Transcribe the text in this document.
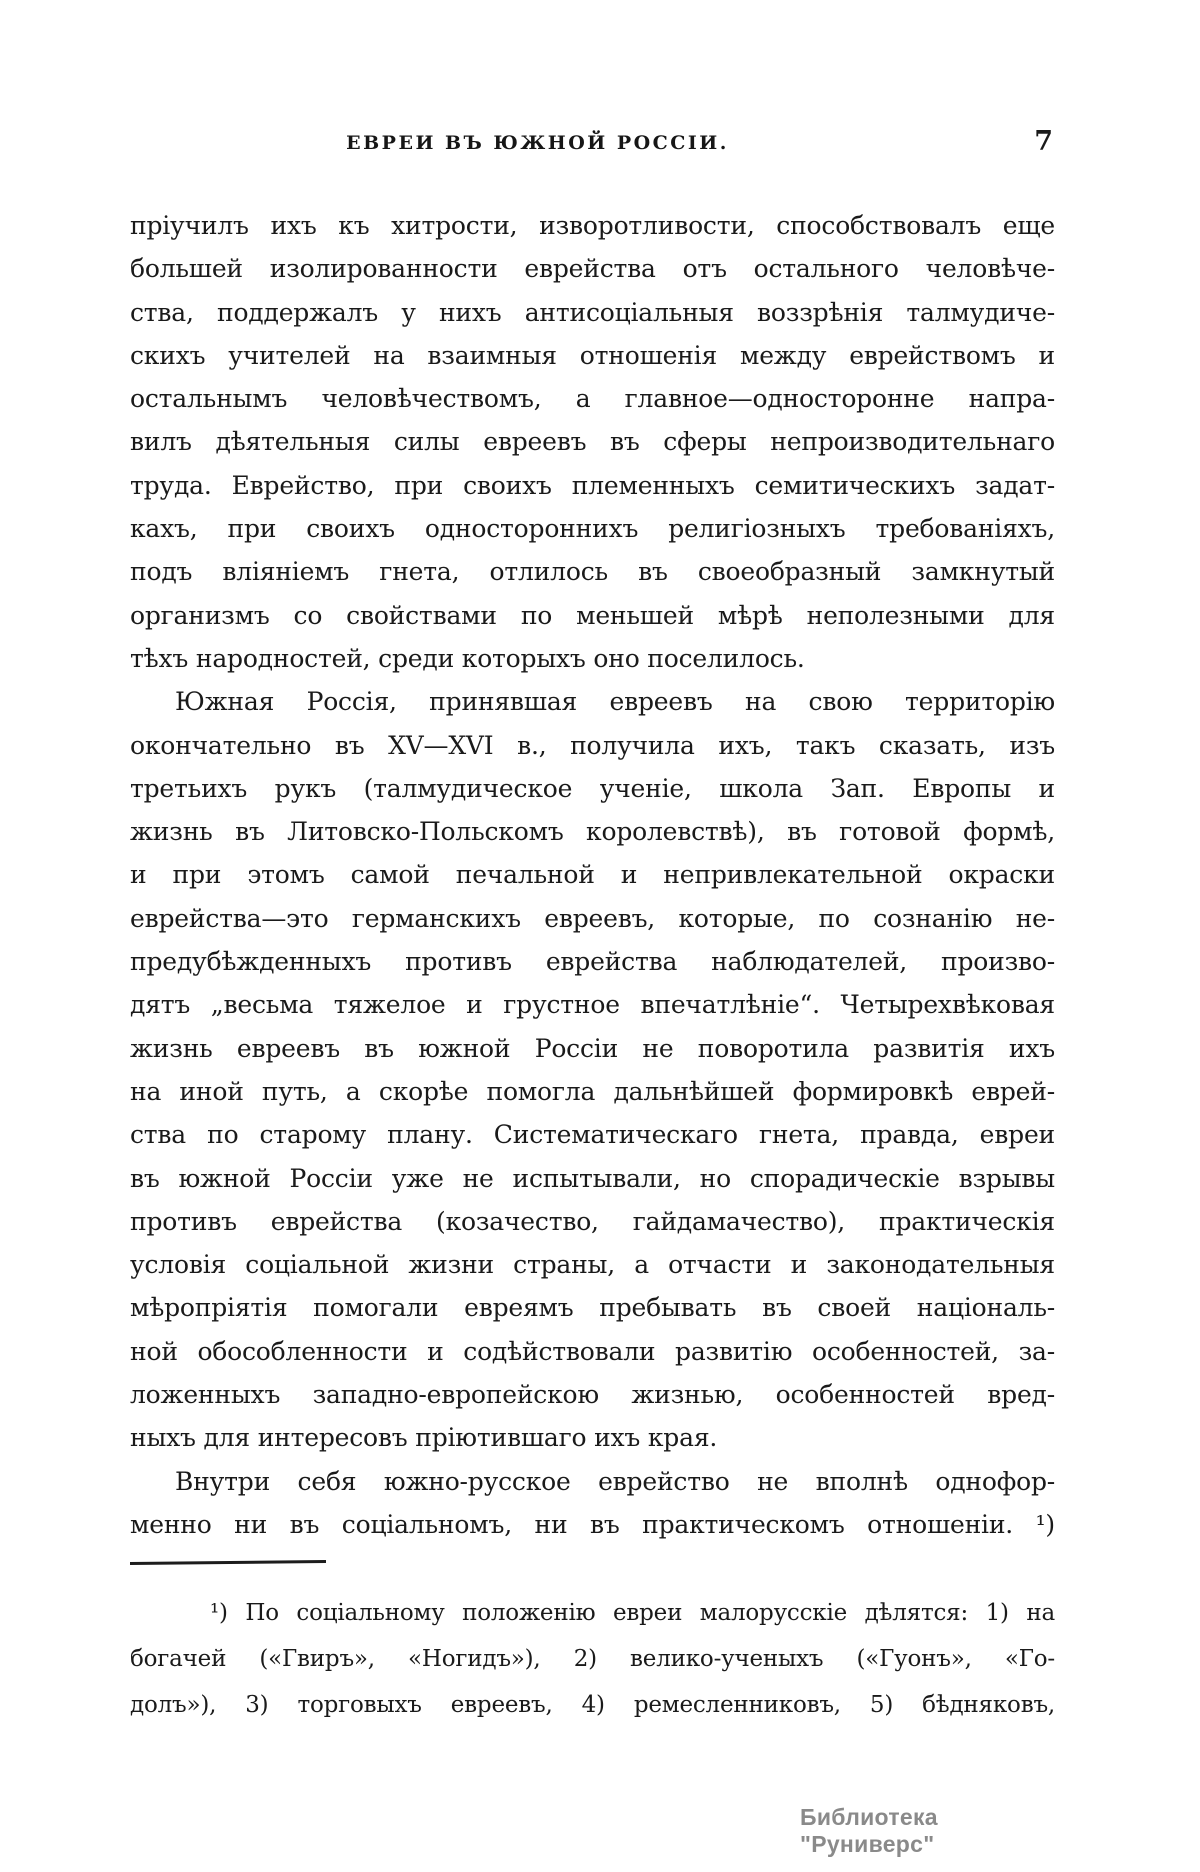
ЕВРЕИ ВЪ ЮЖНОЙ РОССІИ.	7
пріучилъ ихъ къ хитрости, изворотливости, способствовалъ еще
большей изолированности еврейства отъ остального человѣче-
ства, поддержалъ у нихъ антисоціальныя воззрѣнія талмудиче-
скихъ учителей на взаимныя отношенія между еврействомъ и
остальнымъ человѣчествомъ, а главное—односторонне напра-
вилъ дѣятельныя силы евреевъ въ сферы непроизводительнаго
труда. Еврейство, при своихъ племенныхъ семитическихъ задат-
кахъ, при своихъ одностороннихъ религіозныхъ требованіяхъ,
подъ вліяніемъ гнета, отлилось въ своеобразный замкнутый
организмъ со свойствами по меньшей мѣрѣ неполезными для
тѣхъ народностей, среди которыхъ оно поселилось.
Южная Россія, принявшая евреевъ на свою территорію
окончательно въ XV—XVI в., получила ихъ, такъ сказать, изъ
третьихъ рукъ (талмудическое ученіе, школа Зап. Европы и
жизнь въ Литовско-Польскомъ королевствѣ), въ готовой формѣ,
и при этомъ самой печальной и непривлекательной окраски
еврейства—это германскихъ евреевъ, которые, по сознанію не-
предубѣжденныхъ противъ еврейства наблюдателей, произво-
дятъ „весьма тяжелое и грустное впечатлѣніе“. Четырехвѣковая
жизнь евреевъ въ южной Россіи не поворотила развитія ихъ
на иной путь, а скорѣе помогла дальнѣйшей формировкѣ еврей-
ства по старому плану. Систематическаго гнета, правда, евреи
въ южной Россіи уже не испытывали, но спорадическіе взрывы
противъ еврейства (козачество, гайдамачество), практическія
условія соціальной жизни страны, а отчасти и законодательныя
мѣропріятія помогали евреямъ пребывать въ своей національ-
ной обособленности и содѣйствовали развитію особенностей, за-
ложенныхъ западно-европейскою жизнью, особенностей вред-
ныхъ для интересовъ пріютившаго ихъ края.
Внутри себя южно-русское еврейство не вполнѣ однофор-
менно ни въ соціальномъ, ни въ практическомъ отношеніи. ¹)
¹) По соціальному положенію евреи малорусскіе дѣлятся: 1) на
богачей («Гвиръ», «Ногидъ»), 2) велико-ученыхъ («Гуонъ», «Го-
долъ»), 3) торговыхъ евреевъ, 4) ремесленниковъ, 5) бѣдняковъ,
Библиотека "Руниверс"
